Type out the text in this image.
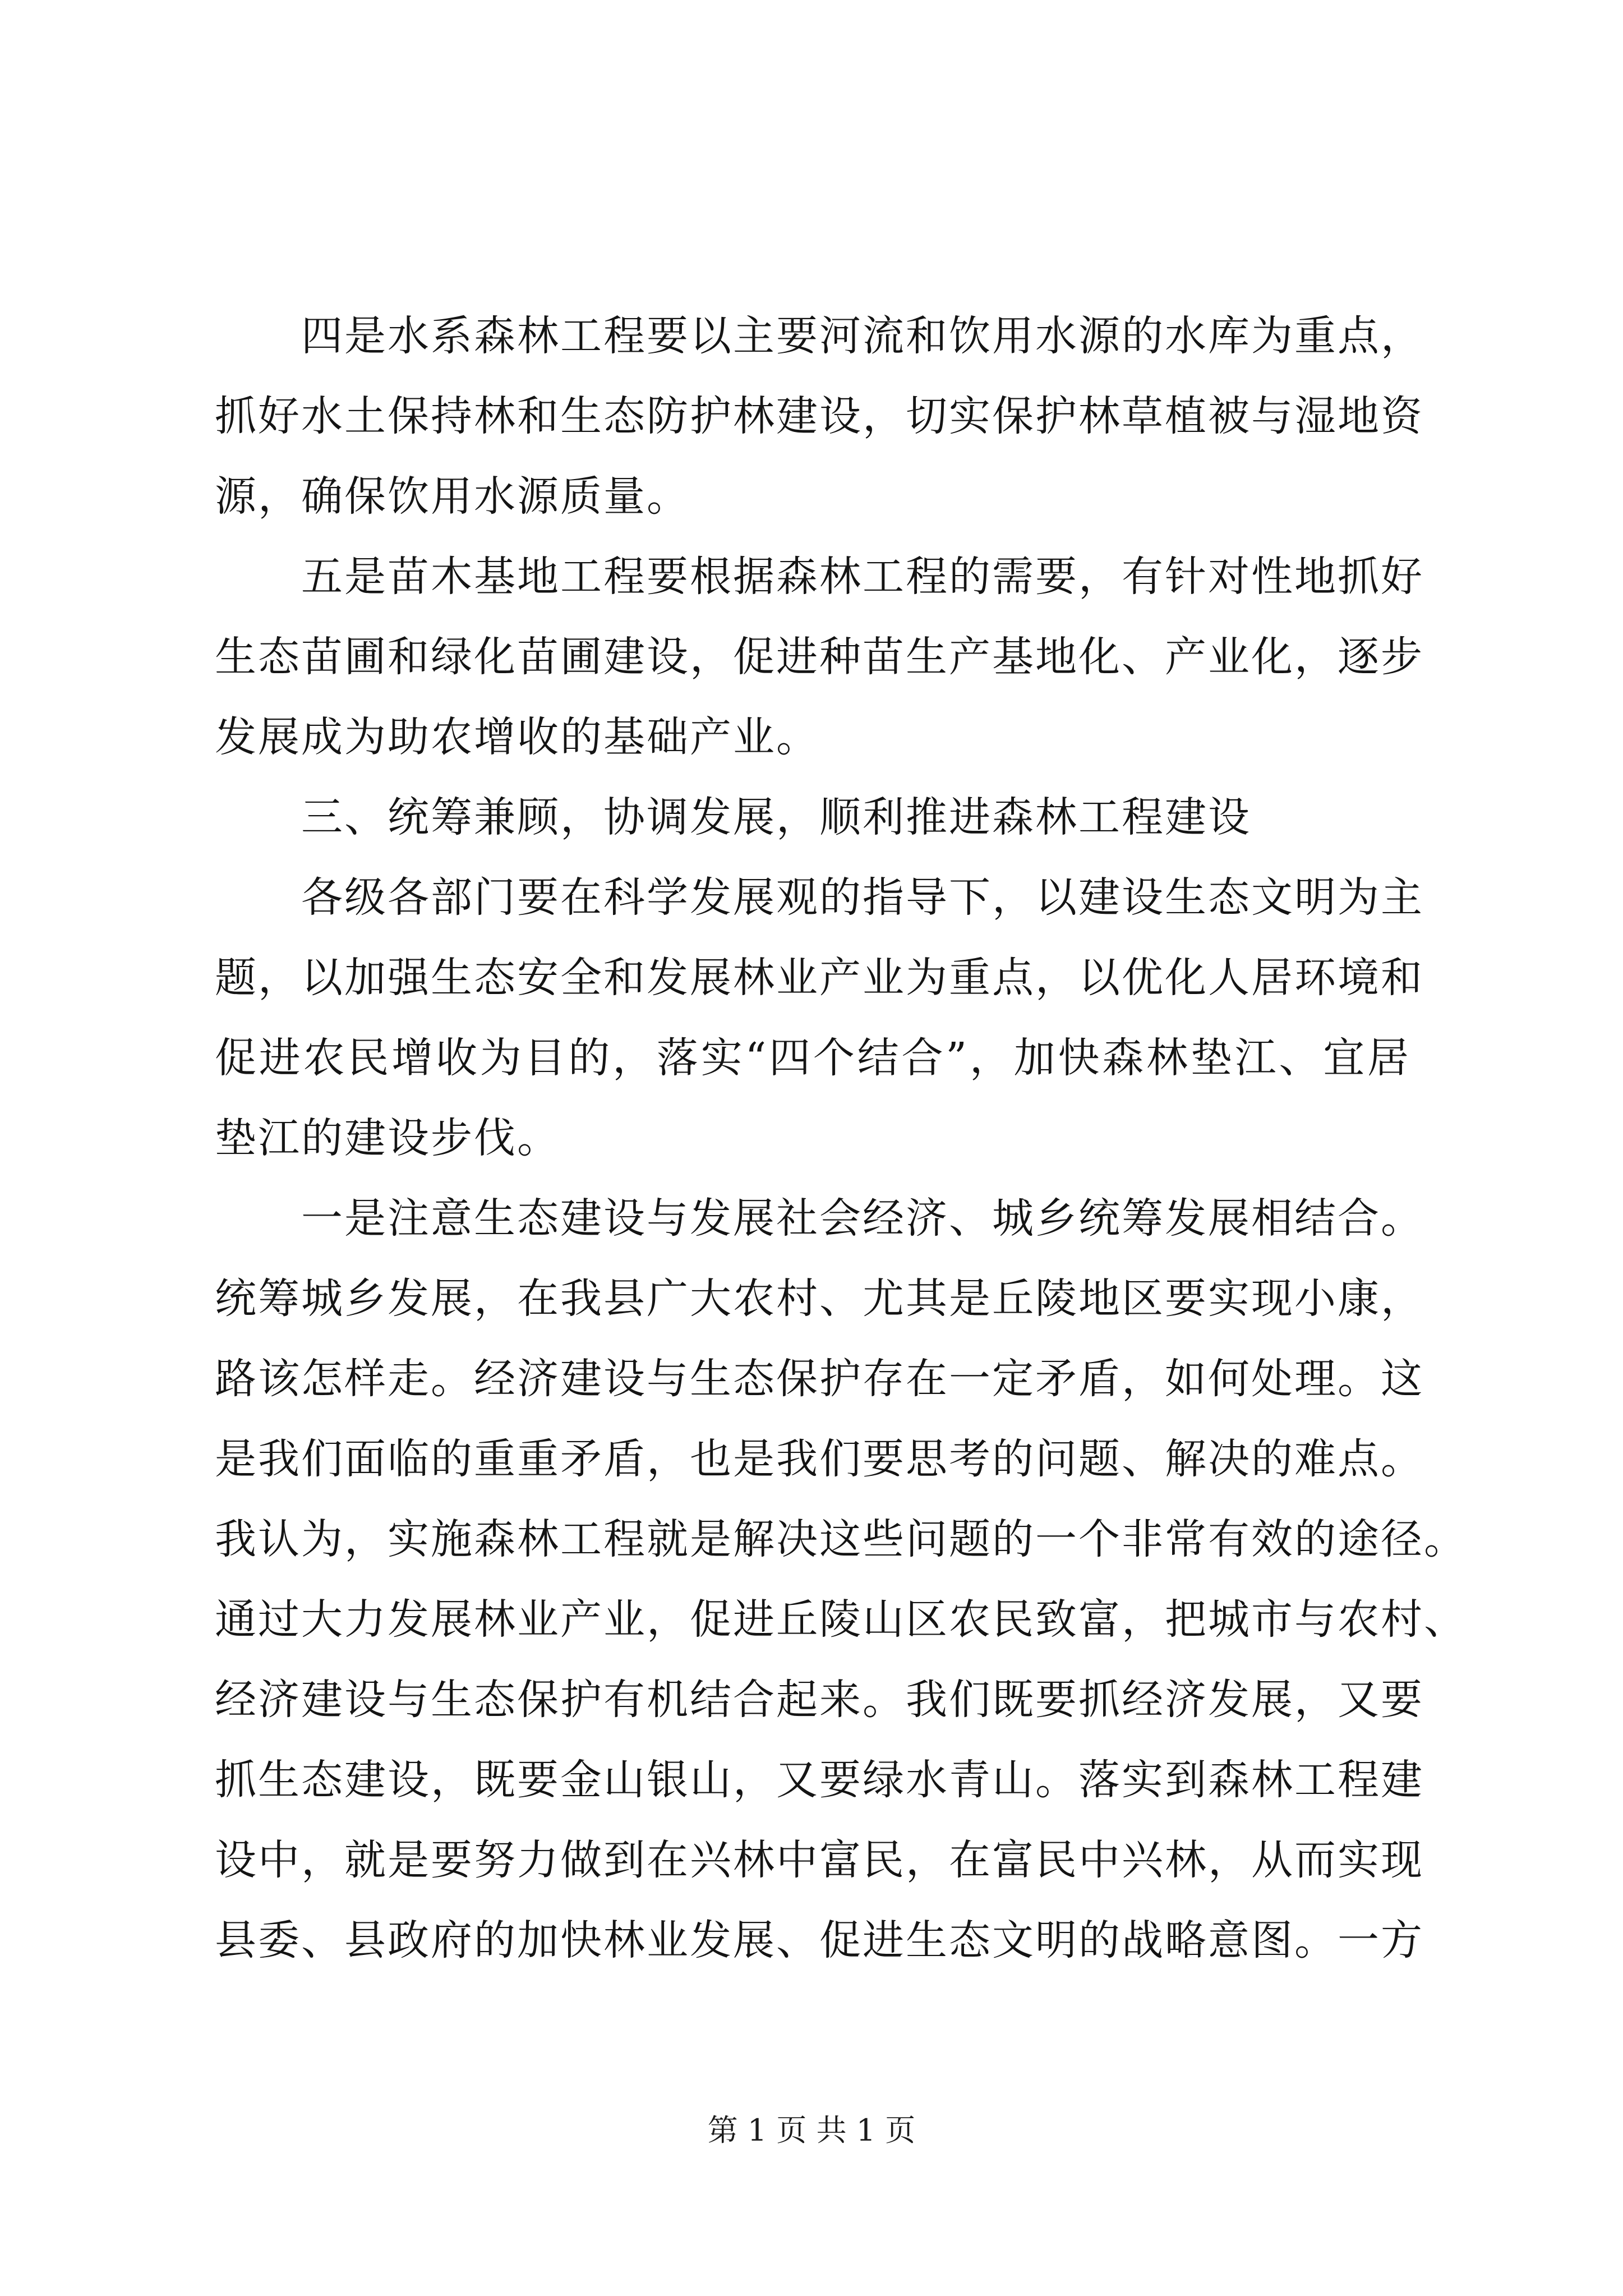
四是水系森林工程要以主要河流和饮用水源的水库为重点，
抓好水土保持林和生态防护林建设，切实保护林草植被与湿地资
源，确保饮用水源质量。
五是苗木基地工程要根据森林工程的需要，有针对性地抓好
生态苗圃和绿化苗圃建设，促进种苗生产基地化、产业化，逐步
发展成为助农增收的基础产业。
三、统筹兼顾，协调发展，顺利推进森林工程建设
各级各部门要在科学发展观的指导下，以建设生态文明为主
题，以加强生态安全和发展林业产业为重点，以优化人居环境和
促进农民增收为目的，落实“四个结合”，加快森林垫江、宜居
垫江的建设步伐。
一是注意生态建设与发展社会经济、城乡统筹发展相结合。
统筹城乡发展，在我县广大农村、尤其是丘陵地区要实现小康，
路该怎样走。经济建设与生态保护存在一定矛盾，如何处理。这
是我们面临的重重矛盾，也是我们要思考的问题、解决的难点。
我认为，实施森林工程就是解决这些问题的一个非常有效的途径。
通过大力发展林业产业，促进丘陵山区农民致富，把城市与农村、
经济建设与生态保护有机结合起来。我们既要抓经济发展，又要
抓生态建设，既要金山银山，又要绿水青山。落实到森林工程建
设中，就是要努力做到在兴林中富民，在富民中兴林，从而实现
县委、县政府的加快林业发展、促进生态文明的战略意图。一方
第 1 页 共 1 页
